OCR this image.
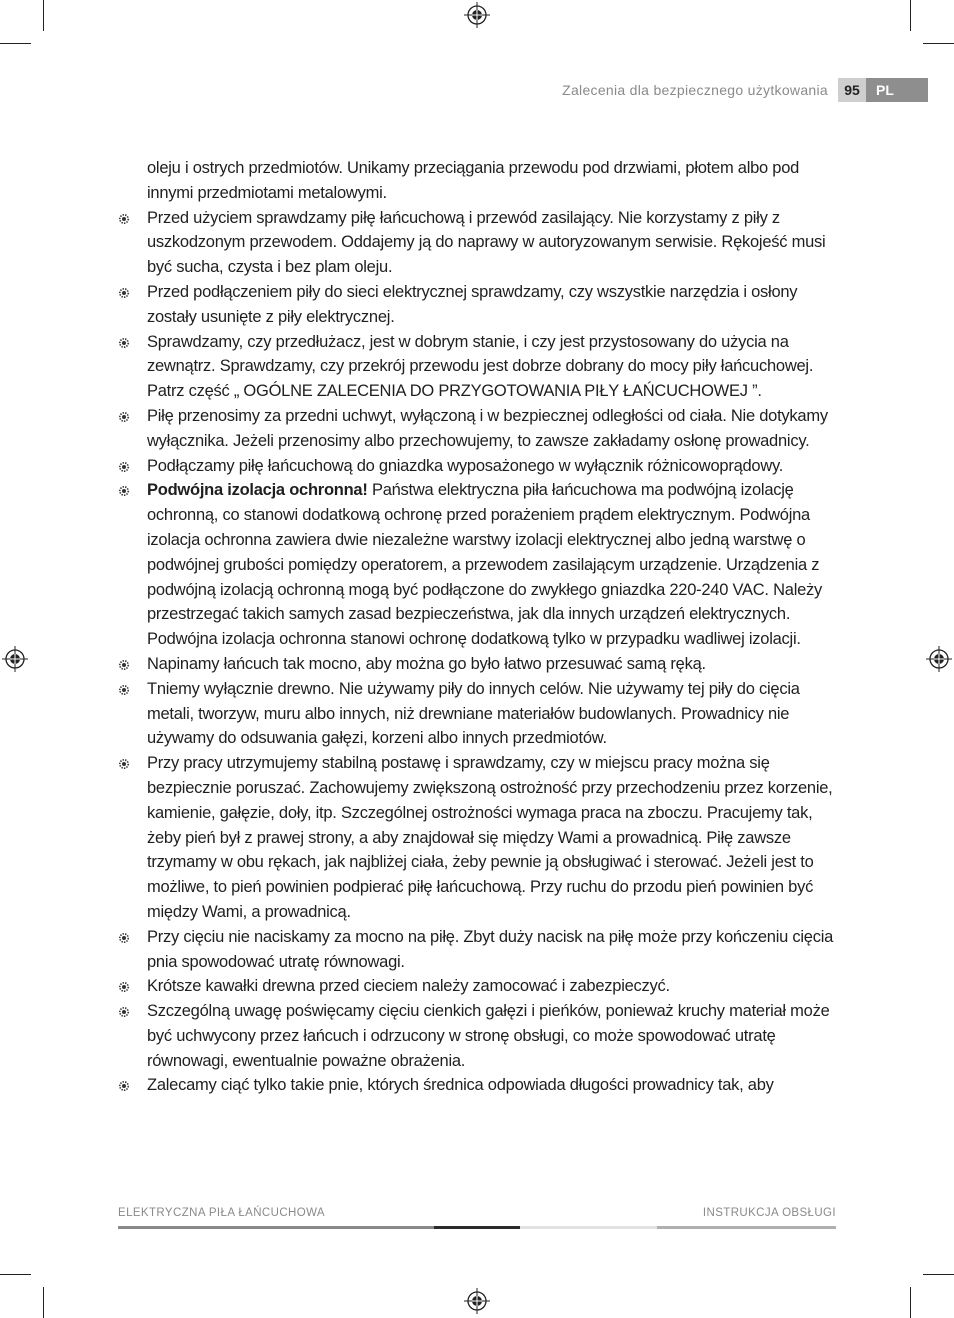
Zalecenia dla bezpiecznego użytkowania	95	PL
oleju i ostrych przedmiotów. Unikamy przeciągania przewodu pod drzwiami, płotem albo pod innymi przedmiotami metalowymi.
Przed użyciem sprawdzamy piłę łańcuchową i przewód zasilający. Nie korzystamy z piły z uszkodzonym przewodem. Oddajemy ją do naprawy w autoryzowanym serwisie. Rękojeść musi być sucha, czysta i bez plam oleju.
Przed podłączeniem piły do sieci elektrycznej sprawdzamy, czy wszystkie narzędzia i osłony zostały usunięte z piły elektrycznej.
Sprawdzamy, czy przedłużacz, jest w dobrym stanie, i czy jest przystosowany do użycia na zewnątrz. Sprawdzamy, czy przekrój przewodu jest dobrze dobrany do mocy piły łańcuchowej. Patrz część „ OGÓLNE ZALECENIA DO PRZYGOTOWANIA PIŁY ŁAŃCUCHOWEJ ”.
Piłę przenosimy za przedni uchwyt, wyłączoną i w bezpiecznej odległości od ciała. Nie dotykamy wyłącznika. Jeżeli przenosimy albo przechowujemy, to zawsze zakładamy osłonę prowadnicy.
Podłączamy piłę łańcuchową do gniazdka wyposażonego w wyłącznik różnicowoprądowy.
Podwójna izolacja ochronna! Państwa elektryczna piła łańcuchowa ma podwójną izolację ochronną, co stanowi dodatkową ochronę przed porażeniem prądem elektrycznym. Podwójna izolacja ochronna zawiera dwie niezależne warstwy izolacji elektrycznej albo jedną warstwę o podwójnej grubości pomiędzy operatorem, a przewodem zasilającym urządzenie. Urządzenia z podwójną izolacją ochronną mogą być podłączone do zwykłego gniazdka 220-240 VAC. Należy przestrzegać takich samych zasad bezpieczeństwa, jak dla innych urządzeń elektrycznych. Podwójna izolacja ochronna stanowi ochronę dodatkową tylko w przypadku wadliwej izolacji.
Napinamy łańcuch tak mocno, aby można go było łatwo przesuwać samą ręką.
Tniemy wyłącznie drewno. Nie używamy piły do innych celów. Nie używamy tej piły do cięcia metali, tworzyw, muru albo innych, niż drewniane materiałów budowlanych. Prowadnicy nie używamy do odsuwania gałęzi, korzeni albo innych przedmiotów.
Przy pracy utrzymujemy stabilną postawę i sprawdzamy, czy w miejscu pracy można się bezpiecznie poruszać. Zachowujemy zwiększoną ostrożność przy przechodzeniu przez korzenie, kamienie, gałęzie, doły, itp. Szczególnej ostrożności wymaga praca na zboczu. Pracujemy tak, żeby pień był z prawej strony, a aby znajdował się między Wami a prowadnicą. Piłę zawsze trzymamy w obu rękach, jak najbliżej ciała, żeby pewnie ją obsługiwać i sterować. Jeżeli jest to możliwe, to pień powinien podpierać piłę łańcuchową. Przy ruchu do przodu pień powinien być między Wami, a prowadnicą.
Przy cięciu nie naciskamy za mocno na piłę. Zbyt duży nacisk na piłę może przy kończeniu cięcia pnia spowodować utratę równowagi.
Krótsze kawałki drewna przed cieciem należy zamocować i zabezpieczyć.
Szczególną uwagę poświęcamy cięciu cienkich gałęzi i pieńków, ponieważ kruchy materiał może być uchwycony przez łańcuch i odrzucony w stronę obsługi, co może spowodować utratę równowagi, ewentualnie poważne obrażenia.
Zalecamy ciąć tylko takie pnie, których średnica odpowiada długości prowadnicy tak, aby
ELEKTRYCZNA PIŁA ŁAŃCUCHOWA	INSTRUKCJA OBSŁUGI
